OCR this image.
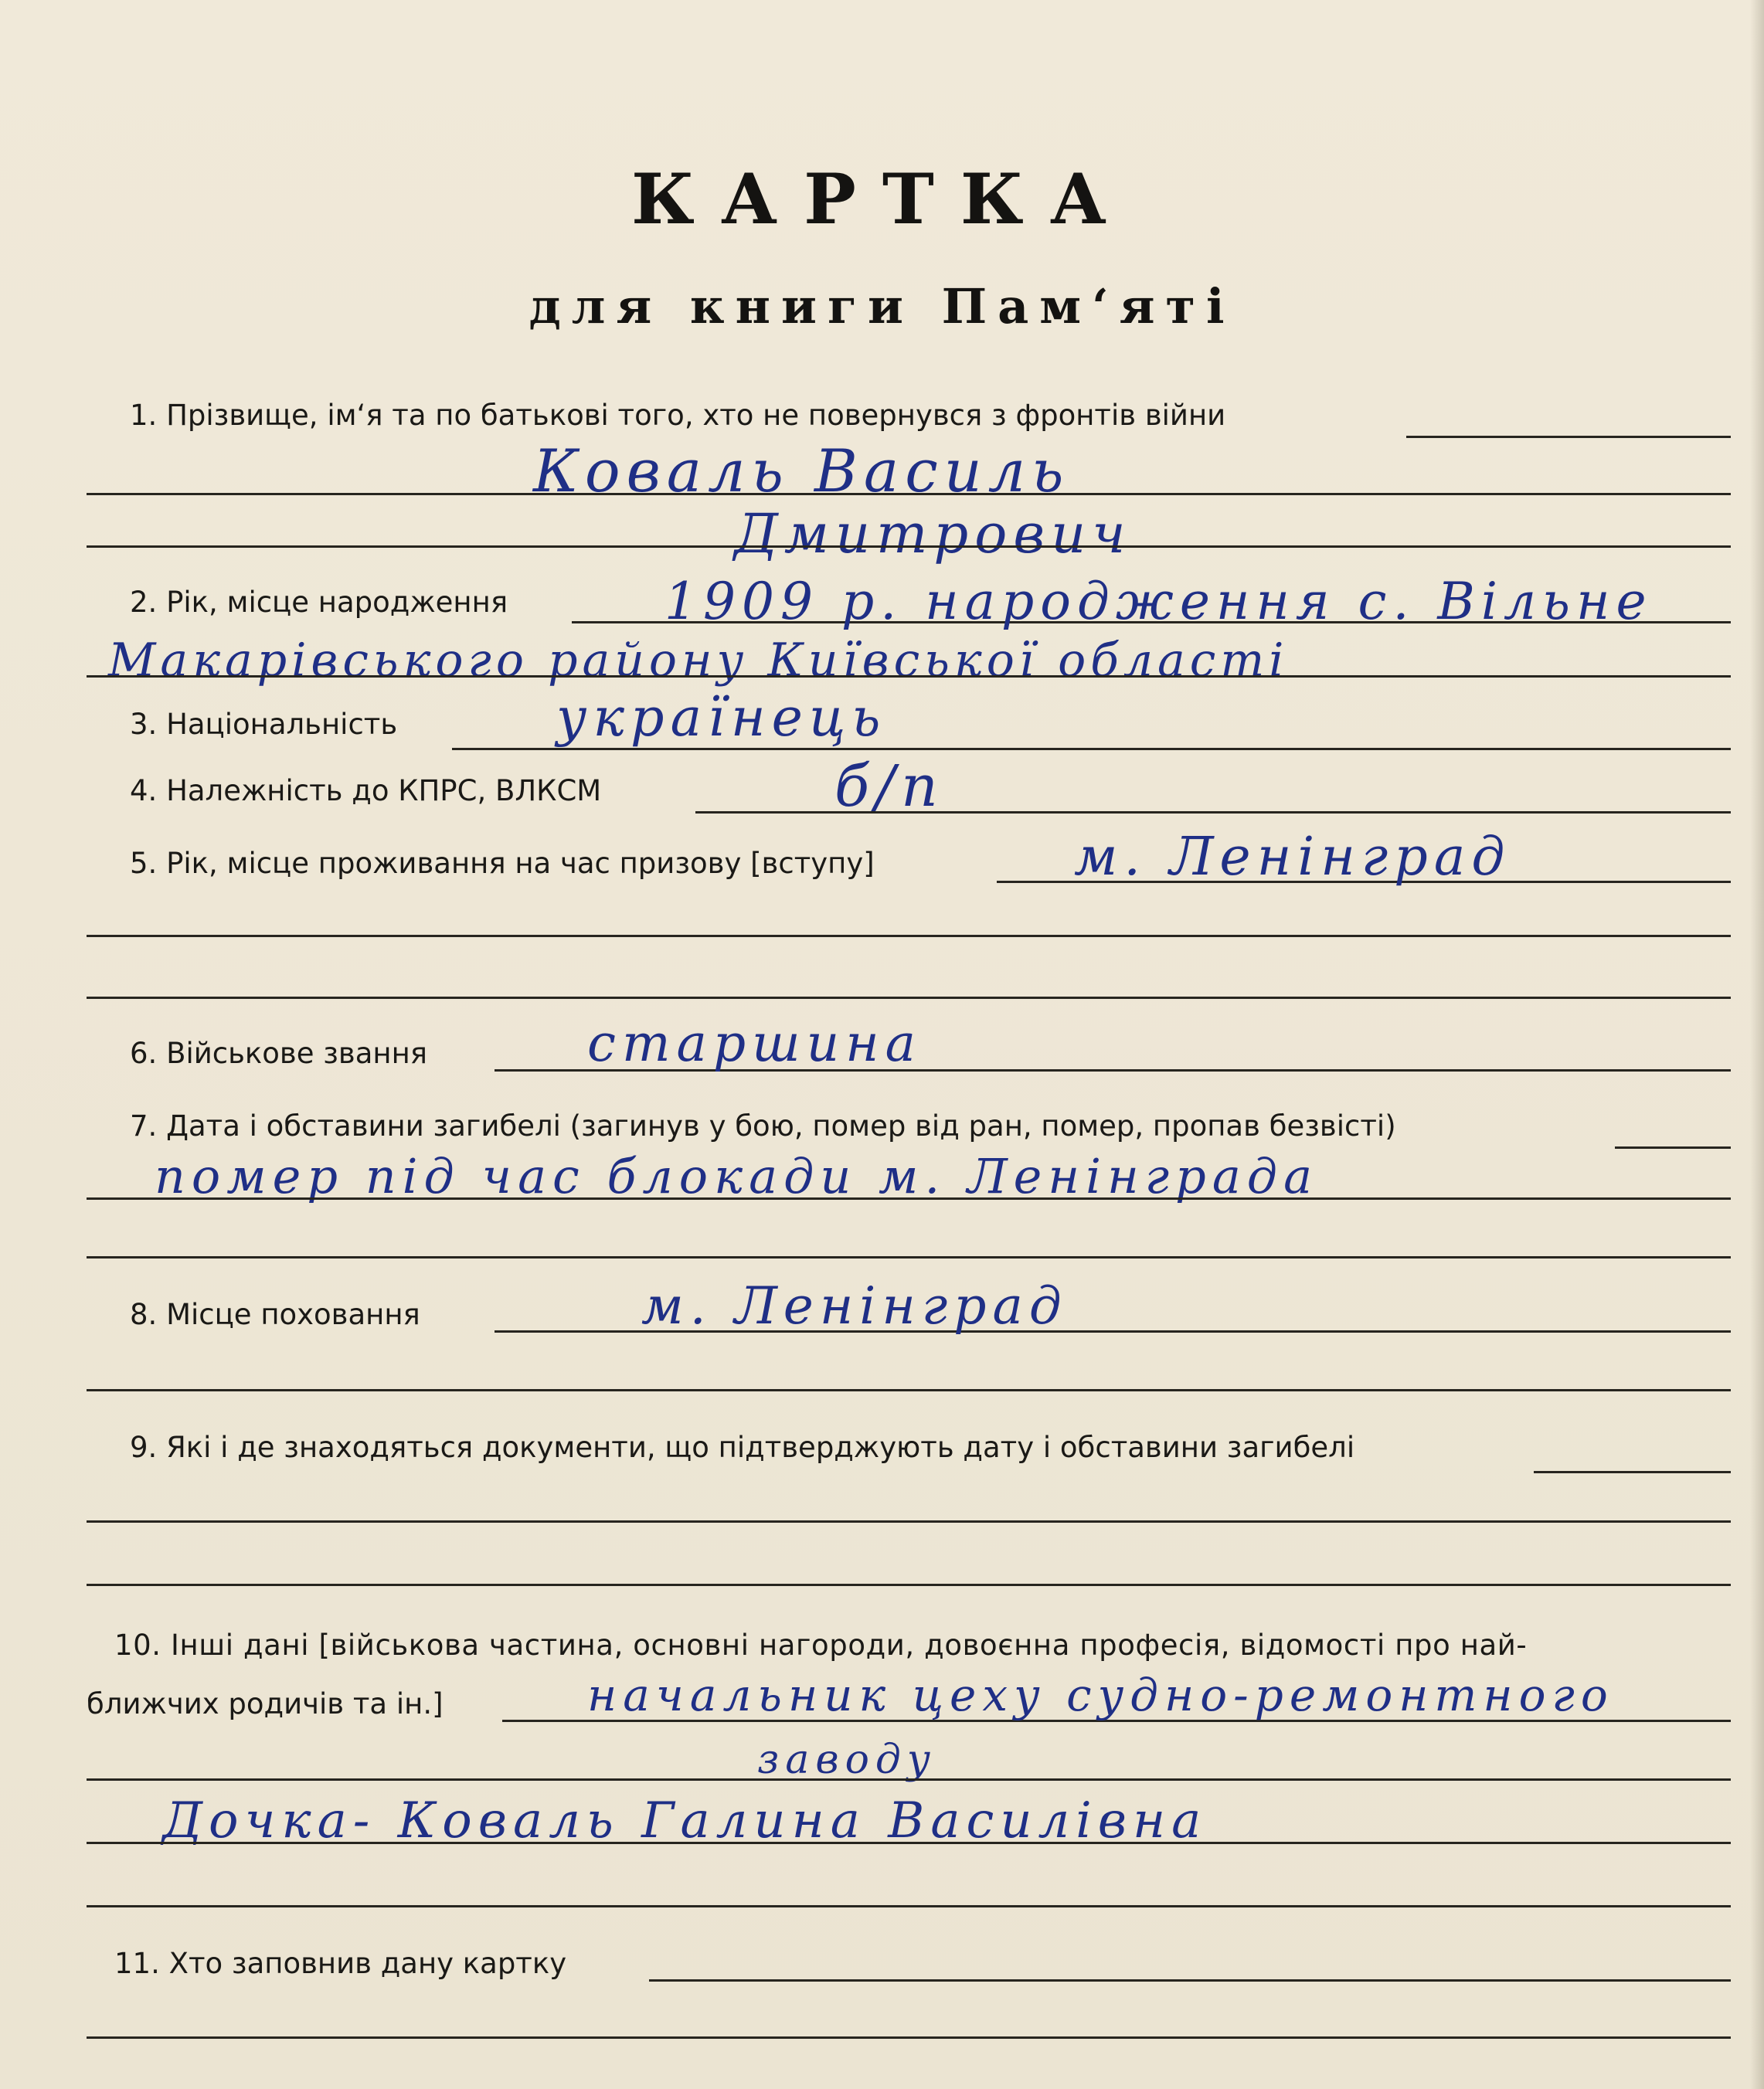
КАРТКА
для книги Пам‘яті
1. Прізвище, ім‘я та по батькові того, хто не повернувся з фронтів війни
Коваль Василь
Дмитрович
2. Рік, місце народження	1909 р. народження с. Вільне
Макарівського району Київської області
3. Національність	українець
4. Належність до КПРС, ВЛКСМ	б/п
5. Рік, місце проживання на час призову [вступу]	м. Ленінград
6. Військове звання	старшина
7. Дата і обставини загибелі (загинув у бою, помер від ран, помер, пропав безвісті)
помер під час блокади м. Ленінграда
8. Місце поховання	м. Ленінград
9. Які і де знаходяться документи, що підтверджують дату і обставини загибелі
10. Інші дані [військова частина, основні нагороди, довоєнна професія, відомості про най-
ближчих родичів та ін.]	начальник цеху судно-ремонтного
заводу
Дочка- Коваль Галина Василівна
11. Хто заповнив дану картку
